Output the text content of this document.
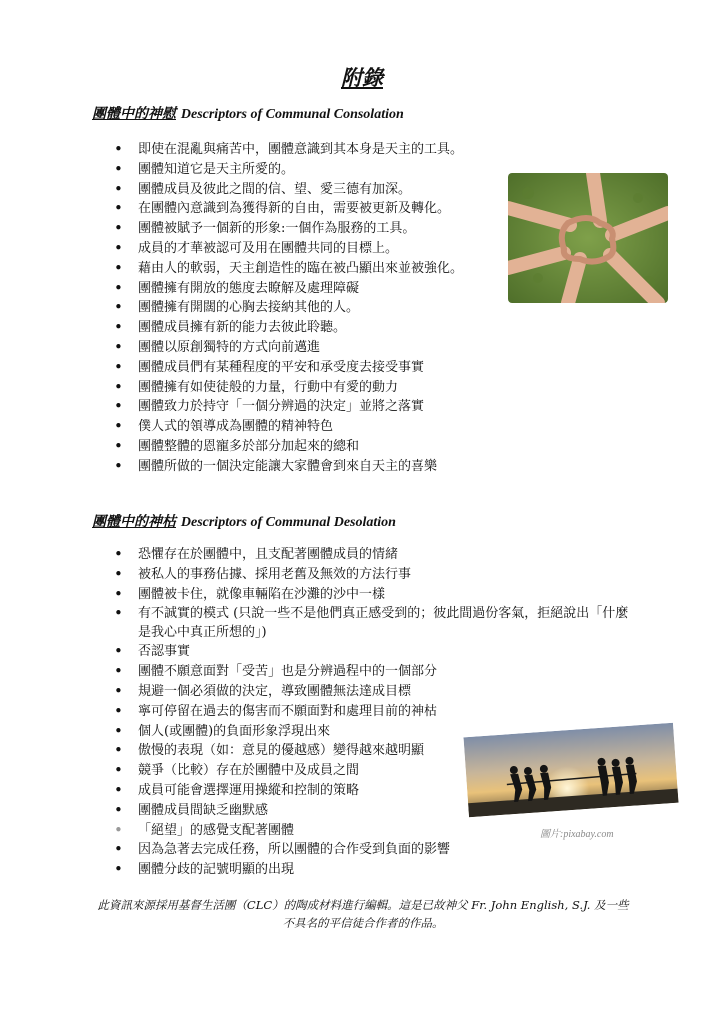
附錄
團體中的神慰 Descriptors of Communal Consolation
• 即使在混亂與痛苦中，團體意識到其本身是天主的工具。
• 團體知道它是天主所愛的。
• 團體成員及彼此之間的信、望、愛三德有加深。
• 在團體內意識到為獲得新的自由，需要被更新及轉化。
• 團體被賦予一個新的形象:一個作為服務的工具。
• 成員的才華被認可及用在團體共同的目標上。
• 藉由人的軟弱，天主創造性的臨在被凸顯出來並被強化。
• 團體擁有開放的態度去瞭解及處理障礙
• 團體擁有開闊的心胸去接納其他的人。
• 團體成員擁有新的能力去彼此聆聽。
• 團體以原創獨特的方式向前邁進
• 團體成員們有某種程度的平安和承受度去接受事實
• 團體擁有如使徒般的力量，行動中有愛的動力
• 團體致力於持守「一個分辨過的決定」並將之落實
• 僕人式的領導成為團體的精神特色
• 團體整體的恩寵多於部分加起來的總和
• 團體所做的一個決定能讓大家體會到來自天主的喜樂
團體中的神枯 Descriptors of Communal Desolation
• 恐懼存在於團體中，且支配著團體成員的情緒
• 被私人的事務佔據、採用老舊及無效的方法行事
• 團體被卡住，就像車輛陷在沙灘的沙中一樣
• 有不誠實的模式 (只說一些不是他們真正感受到的；彼此間過份客氣，拒絕說出「什麼是我心中真正所想的」)
• 否認事實
• 團體不願意面對「受苦」也是分辨過程中的一個部分
• 規避一個必須做的決定，導致團體無法達成目標
• 寧可停留在過去的傷害而不願面對和處理目前的神枯
• 個人(或團體)的負面形象浮現出來
• 傲慢的表現（如：意見的優越感）變得越來越明顯
• 競爭（比較）存在於團體中及成員之間
• 成員可能會選擇運用操縱和控制的策略
• 團體成員間缺乏幽默感
• 「絕望」的感覺支配著團體
• 因為急著去完成任務，所以團體的合作受到負面的影響
• 團體分歧的記號明顯的出現
圖片:pixabay.com
此資訊來源採用基督生活團（CLC）的陶成材料進行編輯。這是已故神父 Fr. John English, S.J. 及一些
不具名的平信徒合作者的作品。
